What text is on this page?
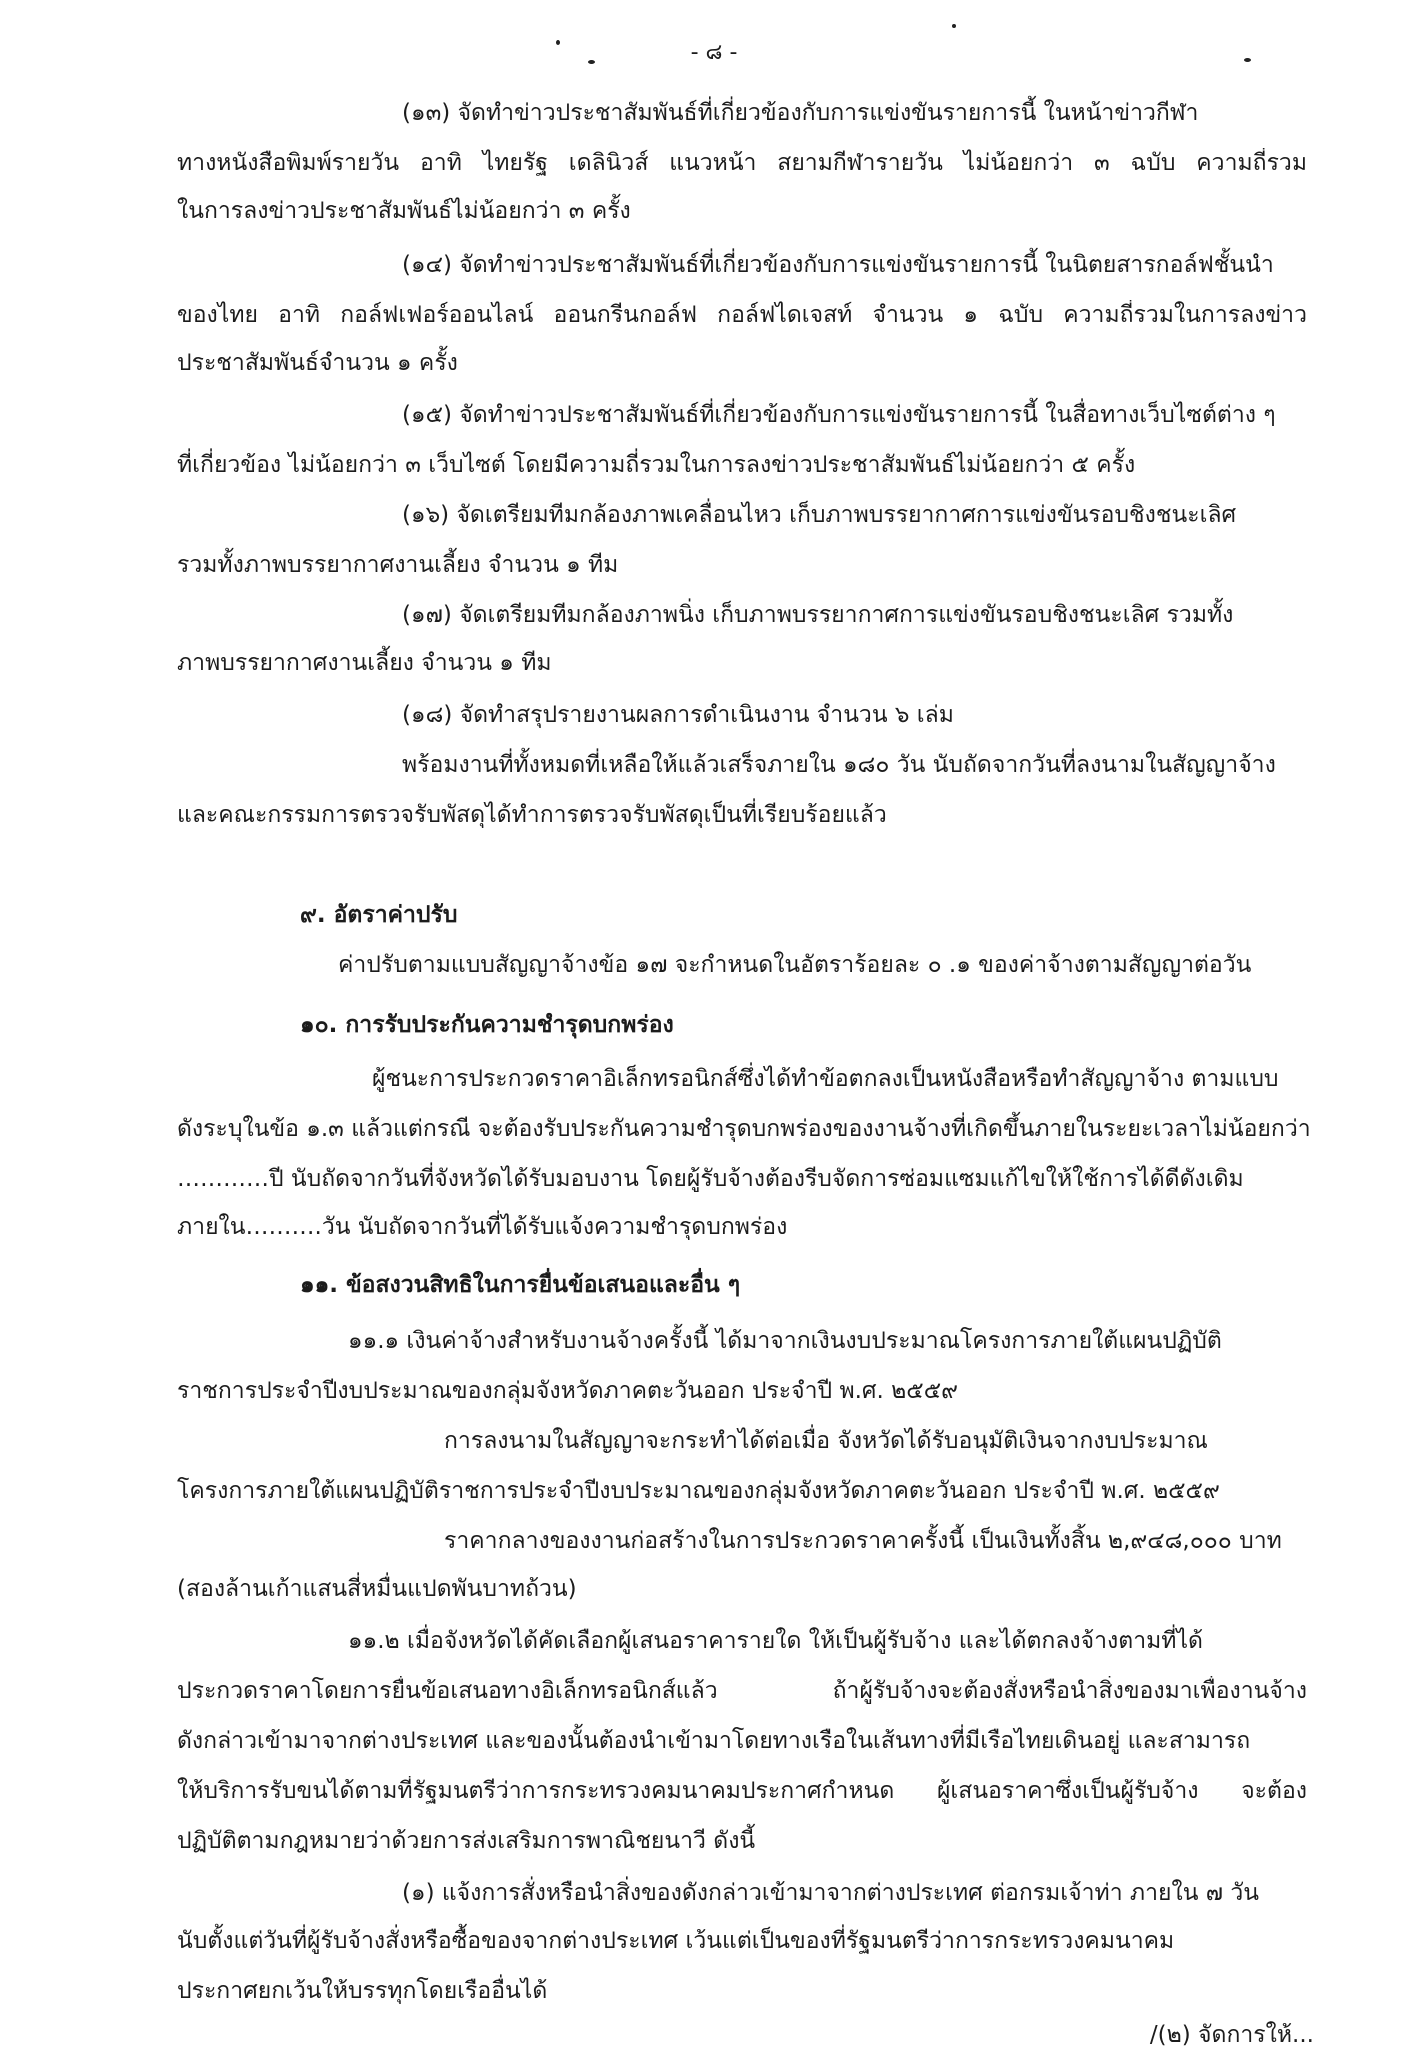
- ๘ -
(๑๓) จัดทำข่าวประชาสัมพันธ์ที่เกี่ยวข้องกับการแข่งขันรายการนี้ ในหน้าข่าวกีฬา
ทางหนังสือพิมพ์รายวัน อาทิ ไทยรัฐ เดลินิวส์ แนวหน้า สยามกีฬารายวัน ไม่น้อยกว่า ๓ ฉบับ ความถี่รวม
ในการลงข่าวประชาสัมพันธ์ไม่น้อยกว่า ๓ ครั้ง
(๑๔) จัดทำข่าวประชาสัมพันธ์ที่เกี่ยวข้องกับการแข่งขันรายการนี้ ในนิตยสารกอล์ฟชั้นนำ
ของไทย อาทิ กอล์ฟเฟอร์ออนไลน์ ออนกรีนกอล์ฟ กอล์ฟไดเจสท์ จำนวน ๑ ฉบับ ความถี่รวมในการลงข่าว
ประชาสัมพันธ์จำนวน ๑ ครั้ง
(๑๕) จัดทำข่าวประชาสัมพันธ์ที่เกี่ยวข้องกับการแข่งขันรายการนี้ ในสื่อทางเว็บไซต์ต่าง ๆ
ที่เกี่ยวข้อง ไม่น้อยกว่า ๓ เว็บไซต์ โดยมีความถี่รวมในการลงข่าวประชาสัมพันธ์ไม่น้อยกว่า ๕ ครั้ง
(๑๖) จัดเตรียมทีมกล้องภาพเคลื่อนไหว เก็บภาพบรรยากาศการแข่งขันรอบชิงชนะเลิศ
รวมทั้งภาพบรรยากาศงานเลี้ยง จำนวน ๑ ทีม
(๑๗) จัดเตรียมทีมกล้องภาพนิ่ง เก็บภาพบรรยากาศการแข่งขันรอบชิงชนะเลิศ รวมทั้ง
ภาพบรรยากาศงานเลี้ยง จำนวน ๑ ทีม
(๑๘) จัดทำสรุปรายงานผลการดำเนินงาน จำนวน ๖ เล่ม
พร้อมงานที่ทั้งหมดที่เหลือให้แล้วเสร็จภายใน ๑๘๐ วัน นับถัดจากวันที่ลงนามในสัญญาจ้าง
และคณะกรรมการตรวจรับพัสดุได้ทำการตรวจรับพัสดุเป็นที่เรียบร้อยแล้ว
๙. อัตราค่าปรับ
ค่าปรับตามแบบสัญญาจ้างข้อ ๑๗ จะกำหนดในอัตราร้อยละ ๐ .๑ ของค่าจ้างตามสัญญาต่อวัน
๑๐. การรับประกันความชำรุดบกพร่อง
ผู้ชนะการประกวดราคาอิเล็กทรอนิกส์ซึ่งได้ทำข้อตกลงเป็นหนังสือหรือทำสัญญาจ้าง ตามแบบ
ดังระบุในข้อ ๑.๓ แล้วแต่กรณี จะต้องรับประกันความชำรุดบกพร่องของงานจ้างที่เกิดขึ้นภายในระยะเวลาไม่น้อยกว่า
…………ปี นับถัดจากวันที่จังหวัดได้รับมอบงาน โดยผู้รับจ้างต้องรีบจัดการซ่อมแซมแก้ไขให้ใช้การได้ดีดังเดิม
ภายใน……….วัน นับถัดจากวันที่ได้รับแจ้งความชำรุดบกพร่อง
๑๑. ข้อสงวนสิทธิในการยื่นข้อเสนอและอื่น ๆ
๑๑.๑ เงินค่าจ้างสำหรับงานจ้างครั้งนี้ ได้มาจากเงินงบประมาณโครงการภายใต้แผนปฏิบัติ
ราชการประจำปีงบประมาณของกลุ่มจังหวัดภาคตะวันออก ประจำปี พ.ศ. ๒๕๕๙
การลงนามในสัญญาจะกระทำได้ต่อเมื่อ จังหวัดได้รับอนุมัติเงินจากงบประมาณ
โครงการภายใต้แผนปฏิบัติราชการประจำปีงบประมาณของกลุ่มจังหวัดภาคตะวันออก ประจำปี พ.ศ. ๒๕๕๙
ราคากลางของงานก่อสร้างในการประกวดราคาครั้งนี้ เป็นเงินทั้งสิ้น ๒,๙๔๘,๐๐๐ บาท
(สองล้านเก้าแสนสี่หมื่นแปดพันบาทถ้วน)
๑๑.๒ เมื่อจังหวัดได้คัดเลือกผู้เสนอราคารายใด ให้เป็นผู้รับจ้าง และได้ตกลงจ้างตามที่ได้
ประกวดราคาโดยการยื่นข้อเสนอทางอิเล็กทรอนิกส์แล้ว ถ้าผู้รับจ้างจะต้องสั่งหรือนำสิ่งของมาเพื่องานจ้าง
ดังกล่าวเข้ามาจากต่างประเทศ และของนั้นต้องนำเข้ามาโดยทางเรือในเส้นทางที่มีเรือไทยเดินอยู่ และสามารถ
ให้บริการรับขนได้ตามที่รัฐมนตรีว่าการกระทรวงคมนาคมประกาศกำหนด ผู้เสนอราคาซึ่งเป็นผู้รับจ้าง จะต้อง
ปฏิบัติตามกฎหมายว่าด้วยการส่งเสริมการพาณิชยนาวี ดังนี้
(๑) แจ้งการสั่งหรือนำสิ่งของดังกล่าวเข้ามาจากต่างประเทศ ต่อกรมเจ้าท่า ภายใน ๗ วัน
นับตั้งแต่วันที่ผู้รับจ้างสั่งหรือซื้อของจากต่างประเทศ เว้นแต่เป็นของที่รัฐมนตรีว่าการกระทรวงคมนาคม
ประกาศยกเว้นให้บรรทุกโดยเรืออื่นได้
/(๒) จัดการให้...
